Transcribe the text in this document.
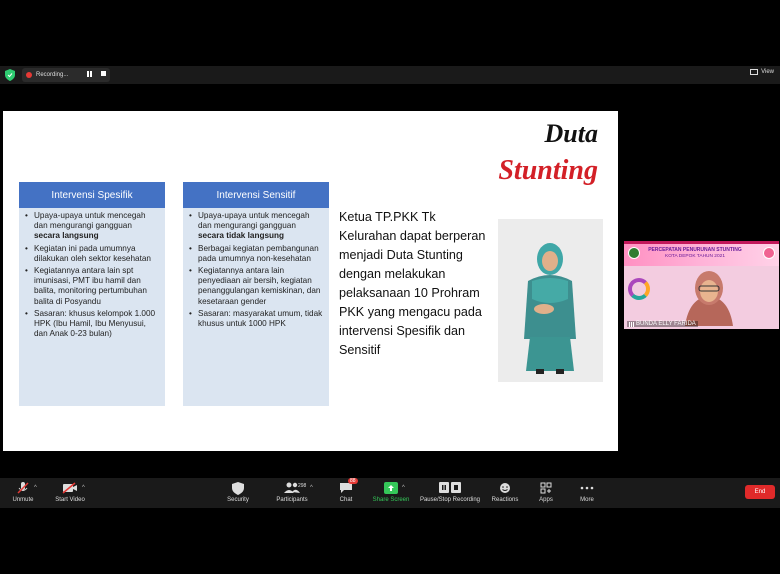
Recording...	View
Duta
Stunting
Intervensi Spesifik
• Upaya-upaya untuk mencegah dan mengurangi gangguan secara langsung
• Kegiatan ini pada umumnya dilakukan oleh sektor kesehatan
• Kegiatannya antara lain spt imunisasi, PMT ibu hamil dan balita, monitoring pertumbuhan balita di Posyandu
• Sasaran: khusus kelompok 1.000 HPK (Ibu Hamil, Ibu Menyusui, dan Anak 0-23 bulan)
Intervensi Sensitif
• Upaya-upaya untuk mencegah dan mengurangi gangguan secara tidak langsung
• Berbagai kegiatan pembangunan pada umumnya non-kesehatan
• Kegiatannya antara lain penyediaan air bersih, kegiatan penanggulangan kemiskinan, dan kesetaraan gender
• Sasaran: masyarakat umum, tidak khusus untuk 1000 HPK
Ketua TP.PKK Tk Kelurahan dapat berperan menjadi Duta Stunting dengan melakukan pelaksanaan 10 Prohram PKK yang mengacu pada intervensi Spesifik dan Sensitif
PERCEPATAN PENURUNAN STUNTING
KOTA DEPOK TAHUN 2021
BUNDA ELLY FARIDA
^
Unmute
^
Start Video	Security
298 ^
Participants
88
Chat
^
Share Screen Pause/Stop Recording Reactions	Apps	More
End
